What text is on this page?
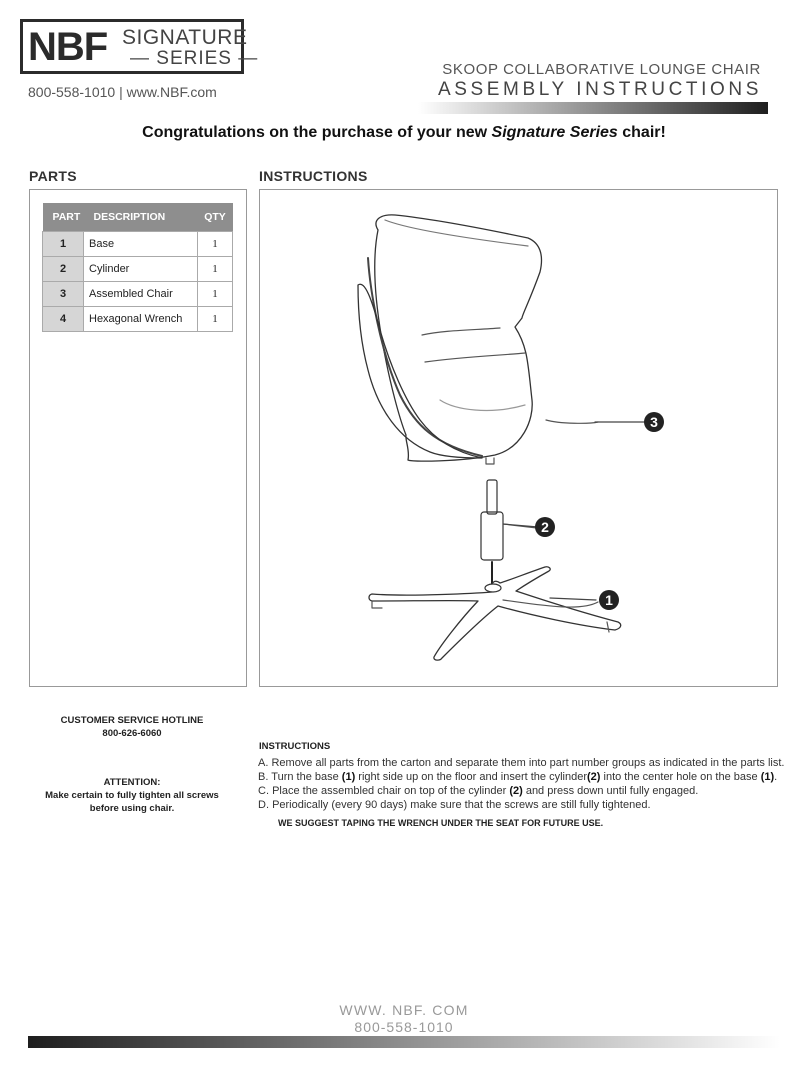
NBF SIGNATURE
— SERIES —
800-558-1010 | www.NBF.com
SKOOP COLLABORATIVE LOUNGE CHAIR
ASSEMBLY INSTRUCTIONS
Congratulations on the purchase of your new Signature Series chair!
PARTS
PART	DESCRIPTION	QTY
1	Base	1
2	Cylinder	1
3	Assembled Chair	1
4	Hexagonal Wrench	1
INSTRUCTIONS
3
2
1
CUSTOMER SERVICE HOTLINE
800-626-6060
ATTENTION:
Make certain to fully tighten all screws
before using chair.
INSTRUCTIONS
A. Remove all parts from the carton and separate them into part number groups as indicated in the parts list.
B. Turn the base (1) right side up on the floor and insert the cylinder(2) into the center hole on the base (1).
C. Place the assembled chair on top of the cylinder (2) and press down until fully engaged.
D. Periodically (every 90 days) make sure that the screws are still fully tightened.
WE SUGGEST TAPING THE WRENCH UNDER THE SEAT FOR FUTURE USE.
WWW. NBF. COM
800-558-1010
